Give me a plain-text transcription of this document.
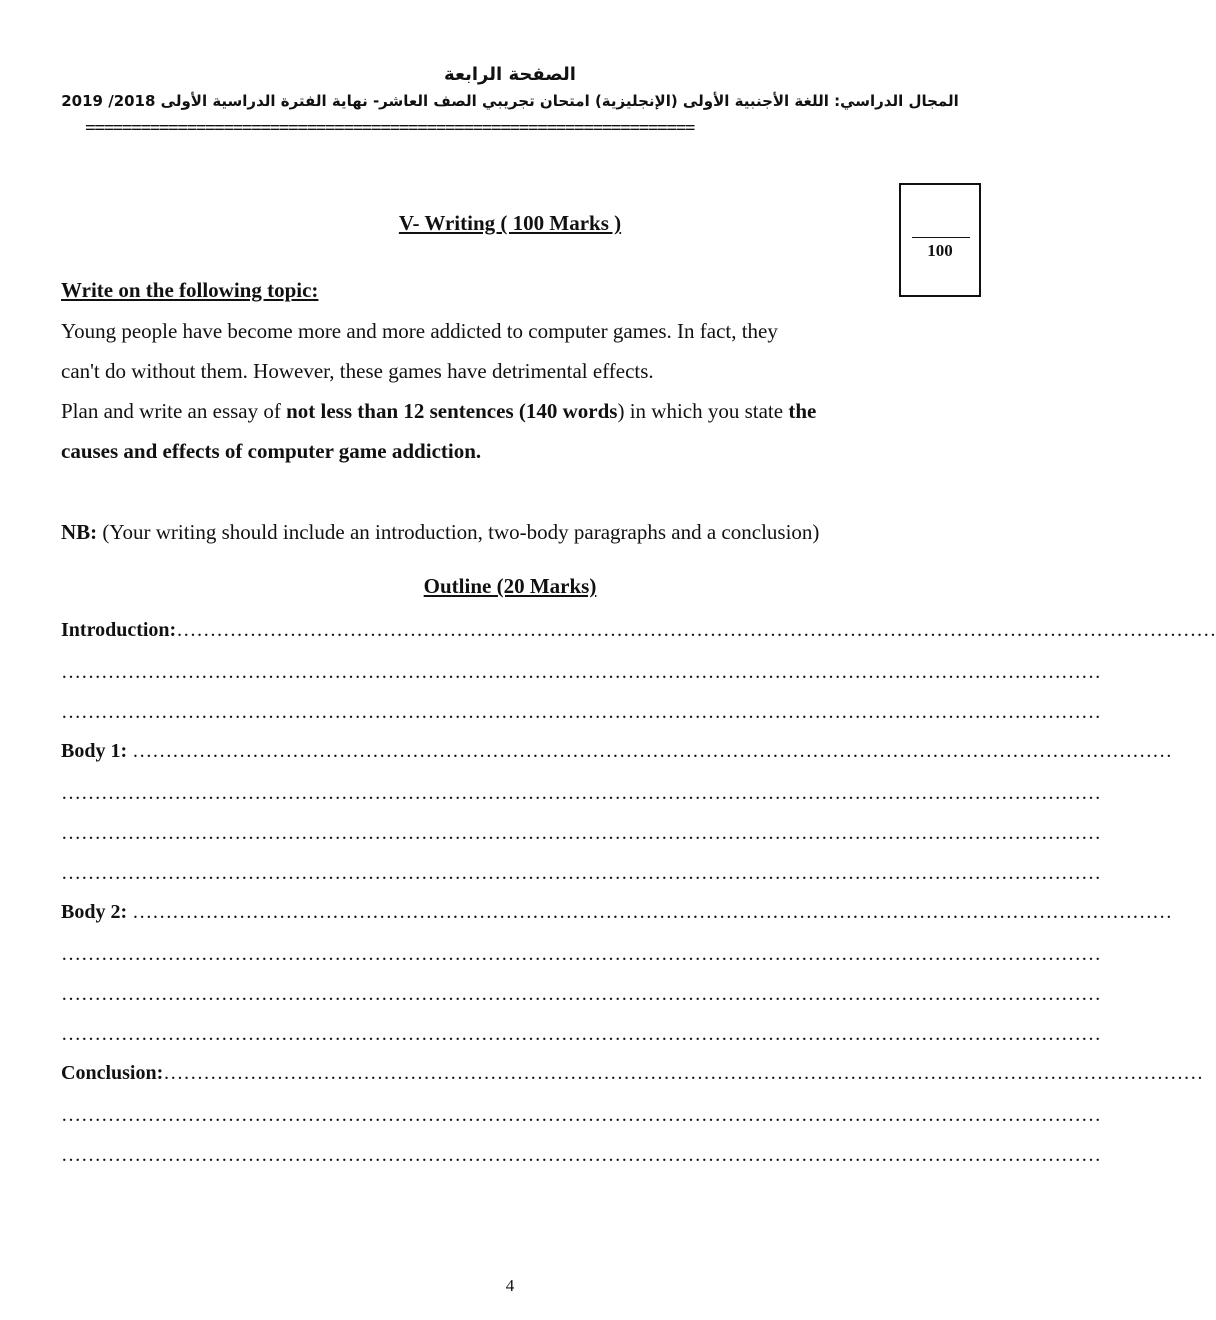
الصفحة الرابعة
المجال الدراسي: اللغة الأجنبية الأولى (الإنجليزية) امتحان تجريبي الصف العاشر- نهاية الفترة الدراسية الأولى 2018/ 2019
==================================================================
100
V- Writing ( 100 Marks )
Write on the following topic:
Young people have become more and more addicted to computer games. In fact, they
can't do without them. However, these games have detrimental effects.
Plan and write an essay of not less than 12 sentences (140 words) in which you state the
causes and effects of computer game addiction.
NB: (Your writing should include an introduction, two-body paragraphs and a conclusion)
Outline (20 Marks)
Introduction:…………………………………………………………………………………………………………………………………………
…………………………………………………………………………………………………………………………………………
…………………………………………………………………………………………………………………………………………
Body 1: …………………………………………………………………………………………………………………………………………
…………………………………………………………………………………………………………………………………………
…………………………………………………………………………………………………………………………………………
…………………………………………………………………………………………………………………………………………
Body 2: …………………………………………………………………………………………………………………………………………
…………………………………………………………………………………………………………………………………………
…………………………………………………………………………………………………………………………………………
…………………………………………………………………………………………………………………………………………
Conclusion:…………………………………………………………………………………………………………………………………………
…………………………………………………………………………………………………………………………………………
…………………………………………………………………………………………………………………………………………
4
